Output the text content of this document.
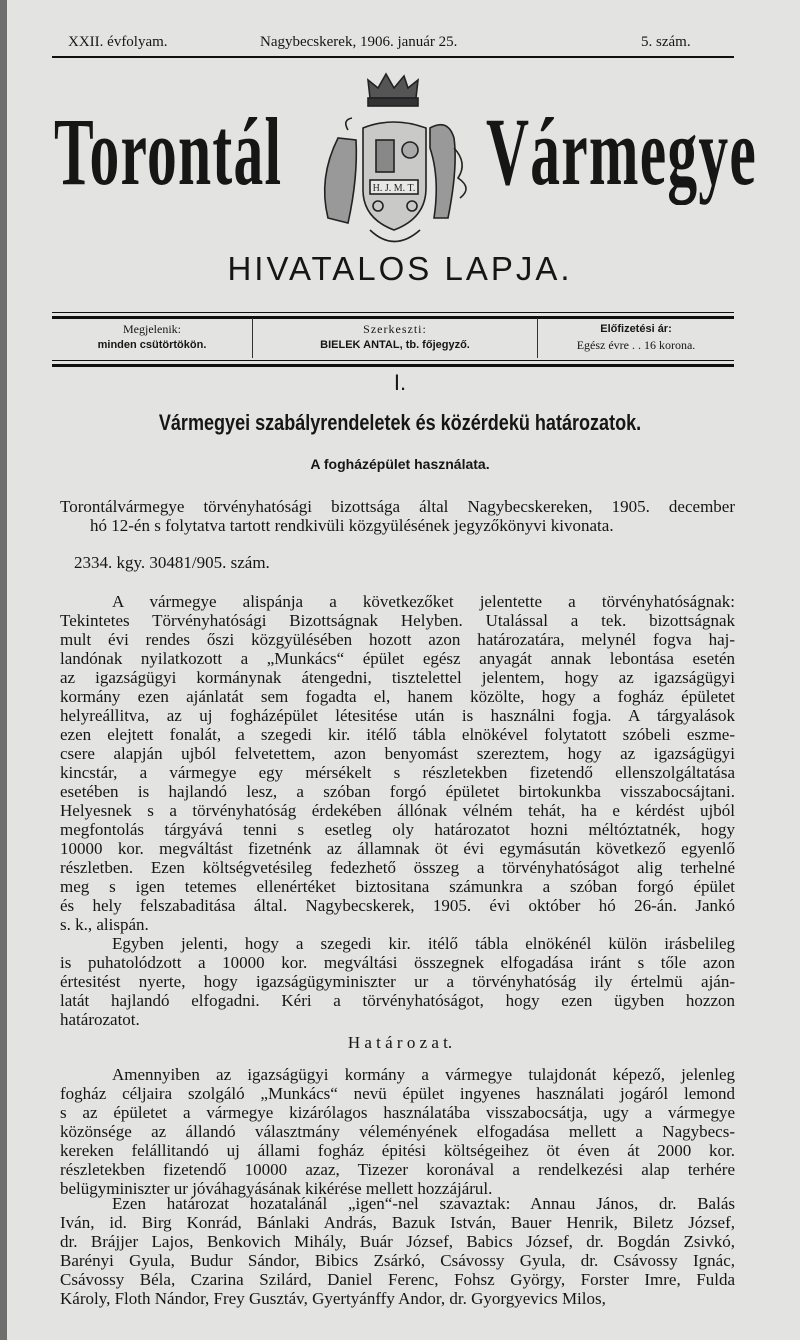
XXII. évfolyam.	Nagybecskerek, 1906. január 25.	5. szám.
Torontál Vármegye
H. J. M. T.
HIVATALOS LAPJA.
Megjelenik:
minden csütörtökön.
Szerkeszti:
BIELEK ANTAL, tb. főjegyző.
Előfizetési ár:
Egész évre . . 16 korona.
I.
Vármegyei szabályrendeletek és közérdekü határozatok.
A fogházépület használata.
Torontálvármegye törvényhatósági bizottsága által Nagybecskereken, 1905. december
hó 12-én s folytatva tartott rendkivüli közgyülésének jegyzőkönyvi kivonata.
2334. kgy. 30481/905. szám.
A vármegye alispánja a következőket jelentette a törvényhatóságnak:
Tekintetes Törvényhatósági Bizottságnak Helyben. Utalással a tek. bizottságnak
mult évi rendes őszi közgyülésében hozott azon határozatára, melynél fogva haj-
landónak nyilatkozott a „Munkács“ épület egész anyagát annak lebontása esetén
az igazságügyi kormánynak átengedni, tisztelettel jelentem, hogy az igazságügyi
kormány ezen ajánlatát sem fogadta el, hanem közölte, hogy a fogház épületet
helyreállitva, az uj fogházépület létesitése után is használni fogja. A tárgyalások
ezen elejtett fonalát, a szegedi kir. itélő tábla elnökével folytatott szóbeli eszme-
csere alapján ujból felvetettem, azon benyomást szereztem, hogy az igazságügyi
kincstár, a vármegye egy mérsékelt s részletekben fizetendő ellenszolgáltatása
esetében is hajlandó lesz, a szóban forgó épületet birtokunkba visszabocsájtani.
Helyesnek s a törvényhatóság érdekében állónak vélném tehát, ha e kérdést ujból
megfontolás tárgyává tenni s esetleg oly határozatot hozni méltóztatnék, hogy
10000 kor. megváltást fizetnénk az államnak öt évi egymásután következő egyenlő
részletben. Ezen költségvetésileg fedezhető összeg a törvényhatóságot alig terhelné
meg s igen tetemes ellenértéket biztositana számunkra a szóban forgó épület
és hely felszabaditása által. Nagybecskerek, 1905. évi október hó 26-án. Jankó
s. k., alispán.
Egyben jelenti, hogy a szegedi kir. itélő tábla elnökénél külön irásbelileg
is puhatolódzott a 10000 kor. megváltási összegnek elfogadása iránt s tőle azon
értesitést nyerte, hogy igazságügyminiszter ur a törvényhatóság ily értelmü aján-
latát hajlandó elfogadni. Kéri a törvényhatóságot, hogy ezen ügyben hozzon
határozatot.
H a t á r o z a t.
Amennyiben az igazságügyi kormány a vármegye tulajdonát képező, jelenleg
fogház céljaira szolgáló „Munkács“ nevü épület ingyenes használati jogáról lemond
s az épületet a vármegye kizárólagos használatába visszabocsátja, ugy a vármegye
közönsége az állandó választmány véleményének elfogadása mellett a Nagybecs-
kereken felállitandó uj állami fogház épitési költségeihez öt éven át 2000 kor.
részletekben fizetendő 10000 azaz, Tizezer koronával a rendelkezési alap terhére
belügyminiszter ur jóváhagyásának kikérése mellett hozzájárul.
Ezen határozat hozatalánál „igen“-nel szavaztak: Annau János, dr. Balás
Iván, id. Birg Konrád, Bánlaki András, Bazuk István, Bauer Henrik, Biletz József,
dr. Brájjer Lajos, Benkovich Mihály, Buár József, Babics József, dr. Bogdán Zsivkó,
Barényi Gyula, Budur Sándor, Bibics Zsárkó, Csávossy Gyula, dr. Csávossy Ignác,
Csávossy Béla, Czarina Szilárd, Daniel Ferenc, Fohsz György, Forster Imre, Fulda
Károly, Floth Nándor, Frey Gusztáv, Gyertyánffy Andor, dr. Gyorgyevics Milos,
